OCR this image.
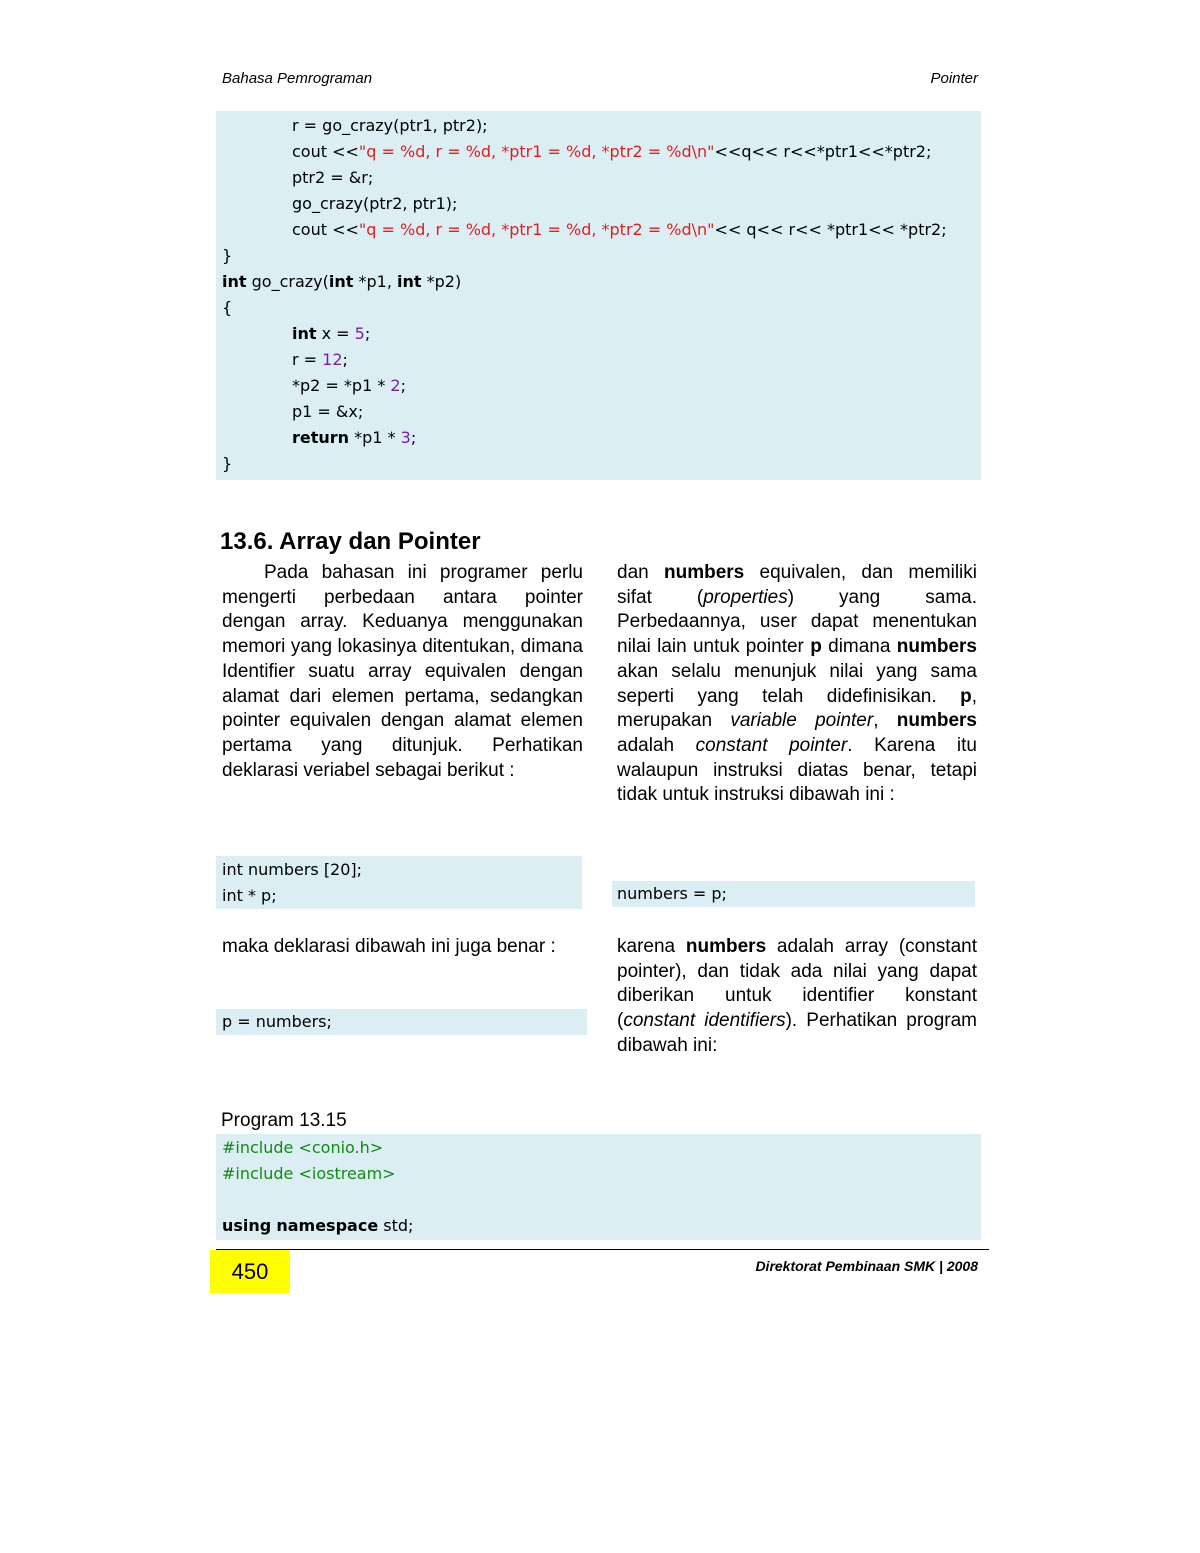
Bahasa Pemrograman	Pointer
r = go_crazy(ptr1, ptr2);
cout <<"q = %d, r = %d, *ptr1 = %d, *ptr2 = %d\n"<<q<< r<<*ptr1<<*ptr2;
ptr2 = &r;
go_crazy(ptr2, ptr1);
cout <<"q = %d, r = %d, *ptr1 = %d, *ptr2 = %d\n"<< q<< r<< *ptr1<< *ptr2;
}
int go_crazy(int *p1, int *p2)
{
int x = 5;
r = 12;
*p2 = *p1 * 2;
p1 = &x;
return *p1 * 3;
}
13.6. Array dan Pointer

Pada bahasan ini programer perlu mengerti perbedaan antara pointer dengan array. Keduanya menggunakan memori yang lokasinya ditentukan, dimana Identifier suatu array equivalen dengan alamat dari elemen pertama, sedangkan pointer equivalen dengan alamat elemen pertama yang ditunjuk. Perhatikan deklarasi veriabel sebagai berikut :

int numbers [20];
int * p;

maka deklarasi dibawah ini juga benar :

p = numbers;

dan numbers equivalen, dan memiliki sifat (properties) yang sama. Perbedaannya, user dapat menentukan nilai lain untuk pointer p dimana numbers akan selalu menunjuk nilai yang sama seperti yang telah didefinisikan. p, merupakan variable pointer, numbers adalah constant pointer. Karena itu walaupun instruksi diatas benar, tetapi tidak untuk instruksi dibawah ini :

numbers = p;

karena numbers adalah array (constant pointer), dan tidak ada nilai yang dapat diberikan untuk identifier konstant (constant identifiers). Perhatikan program dibawah ini:

Program 13.15
#include <conio.h>
#include <iostream>
using namespace std;
450	Direktorat Pembinaan SMK | 2008
